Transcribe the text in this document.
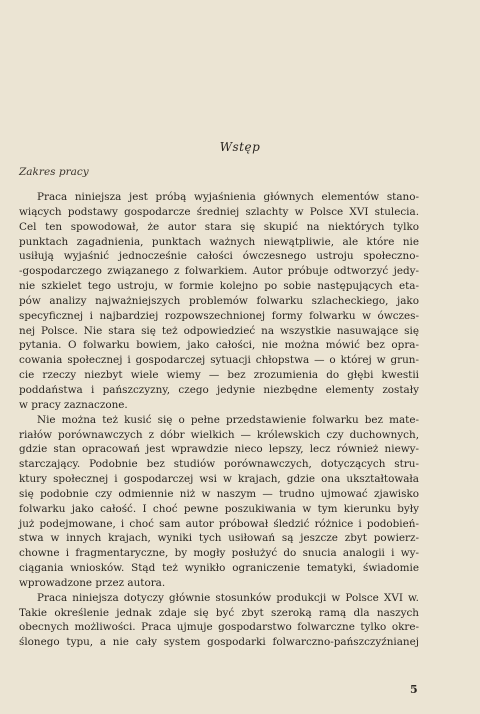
Wstęp
Zakres pracy
Praca niniejsza jest próbą wyjaśnienia głównych elementów stano-
wiących podstawy gospodarcze średniej szlachty w Polsce XVI stulecia.
Cel ten spowodował, że autor stara się skupić na niektórych tylko
punktach zagadnienia, punktach ważnych niewątpliwie, ale które nie
usiłują wyjaśnić jednocześnie całości ówczesnego ustroju społeczno-
-gospodarczego związanego z folwarkiem. Autor próbuje odtworzyć jedy-
nie szkielet tego ustroju, w formie kolejno po sobie następujących eta-
pów analizy najważniejszych problemów folwarku szlacheckiego, jako
specyficznej i najbardziej rozpowszechnionej formy folwarku w ówczes-
nej Polsce. Nie stara się też odpowiedzieć na wszystkie nasuwające się
pytania. O folwarku bowiem, jako całości, nie można mówić bez opra-
cowania społecznej i gospodarczej sytuacji chłopstwa — o której w grun-
cie rzeczy niezbyt wiele wiemy — bez zrozumienia do głębi kwestii
poddaństwa i pańszczyzny, czego jedynie niezbędne elementy zostały
w pracy zaznaczone.
Nie można też kusić się o pełne przedstawienie folwarku bez mate-
riałów porównawczych z dóbr wielkich — królewskich czy duchownych,
gdzie stan opracowań jest wprawdzie nieco lepszy, lecz również niewy-
starczający. Podobnie bez studiów porównawczych, dotyczących stru-
ktury społecznej i gospodarczej wsi w krajach, gdzie ona ukształtowała
się podobnie czy odmiennie niż w naszym — trudno ujmować zjawisko
folwarku jako całość. I choć pewne poszukiwania w tym kierunku były
już podejmowane, i choć sam autor próbował śledzić różnice i podobień-
stwa w innych krajach, wyniki tych usiłowań są jeszcze zbyt powierz-
chowne i fragmentaryczne, by mogły posłużyć do snucia analogii i wy-
ciągania wniosków. Stąd też wynikło ograniczenie tematyki, świadomie
wprowadzone przez autora.
Praca niniejsza dotyczy głównie stosunków produkcji w Polsce XVI w.
Takie określenie jednak zdaje się być zbyt szeroką ramą dla naszych
obecnych możliwości. Praca ujmuje gospodarstwo folwarczne tylko okre-
ślonego typu, a nie cały system gospodarki folwarczno-pańszczyźnianej
5
